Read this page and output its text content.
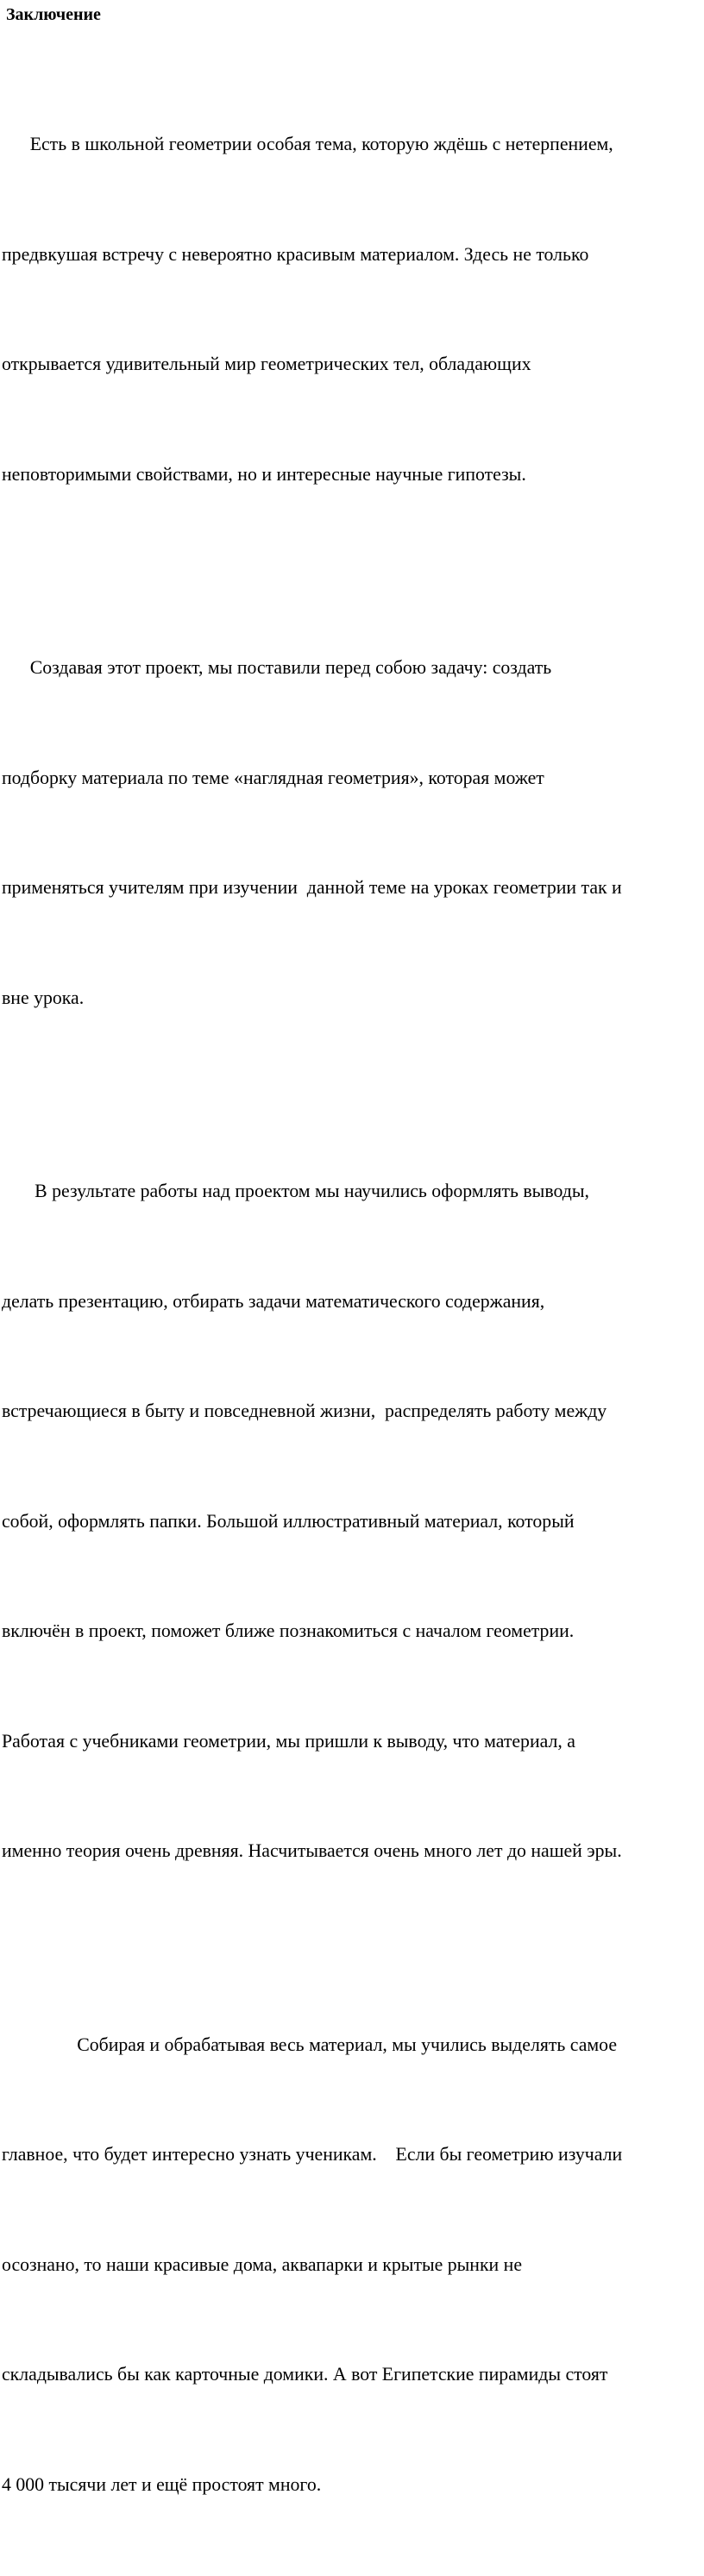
Заключение

Есть в школьной геометрии особая тема, которую ждёшь с нетерпением,

предвкушая встречу с невероятно красивым материалом. Здесь не только

открывается удивительный мир геометрических тел, обладающих

неповторимыми свойствами, но и интересные научные гипотезы.

Создавая этот проект, мы поставили перед собою задачу: создать

подборку материала по теме «наглядная геометрия», которая может

применяться учителям при изучении  данной теме на уроках геометрии так и

вне урока.

В результате работы над проектом мы научились оформлять выводы,

делать презентацию, отбирать задачи математического содержания,

встречающиеся в быту и повседневной жизни,  распределять работу между

собой, оформлять папки. Большой иллюстративный материал, который

включён в проект, поможет ближе познакомиться с началом геометрии.

Работая с учебниками геометрии, мы пришли к выводу, что материал, а

именно теория очень древняя. Насчитывается очень много лет до нашей эры.

Собирая и обрабатывая весь материал, мы учились выделять самое

главное, что будет интересно узнать ученикам.    Если бы геометрию изучали

осознано, то наши красивые дома, аквапарки и крытые рынки не

складывались бы как карточные домики. А вот Египетские пирамиды стоят

4 000 тысячи лет и ещё простоят много.
